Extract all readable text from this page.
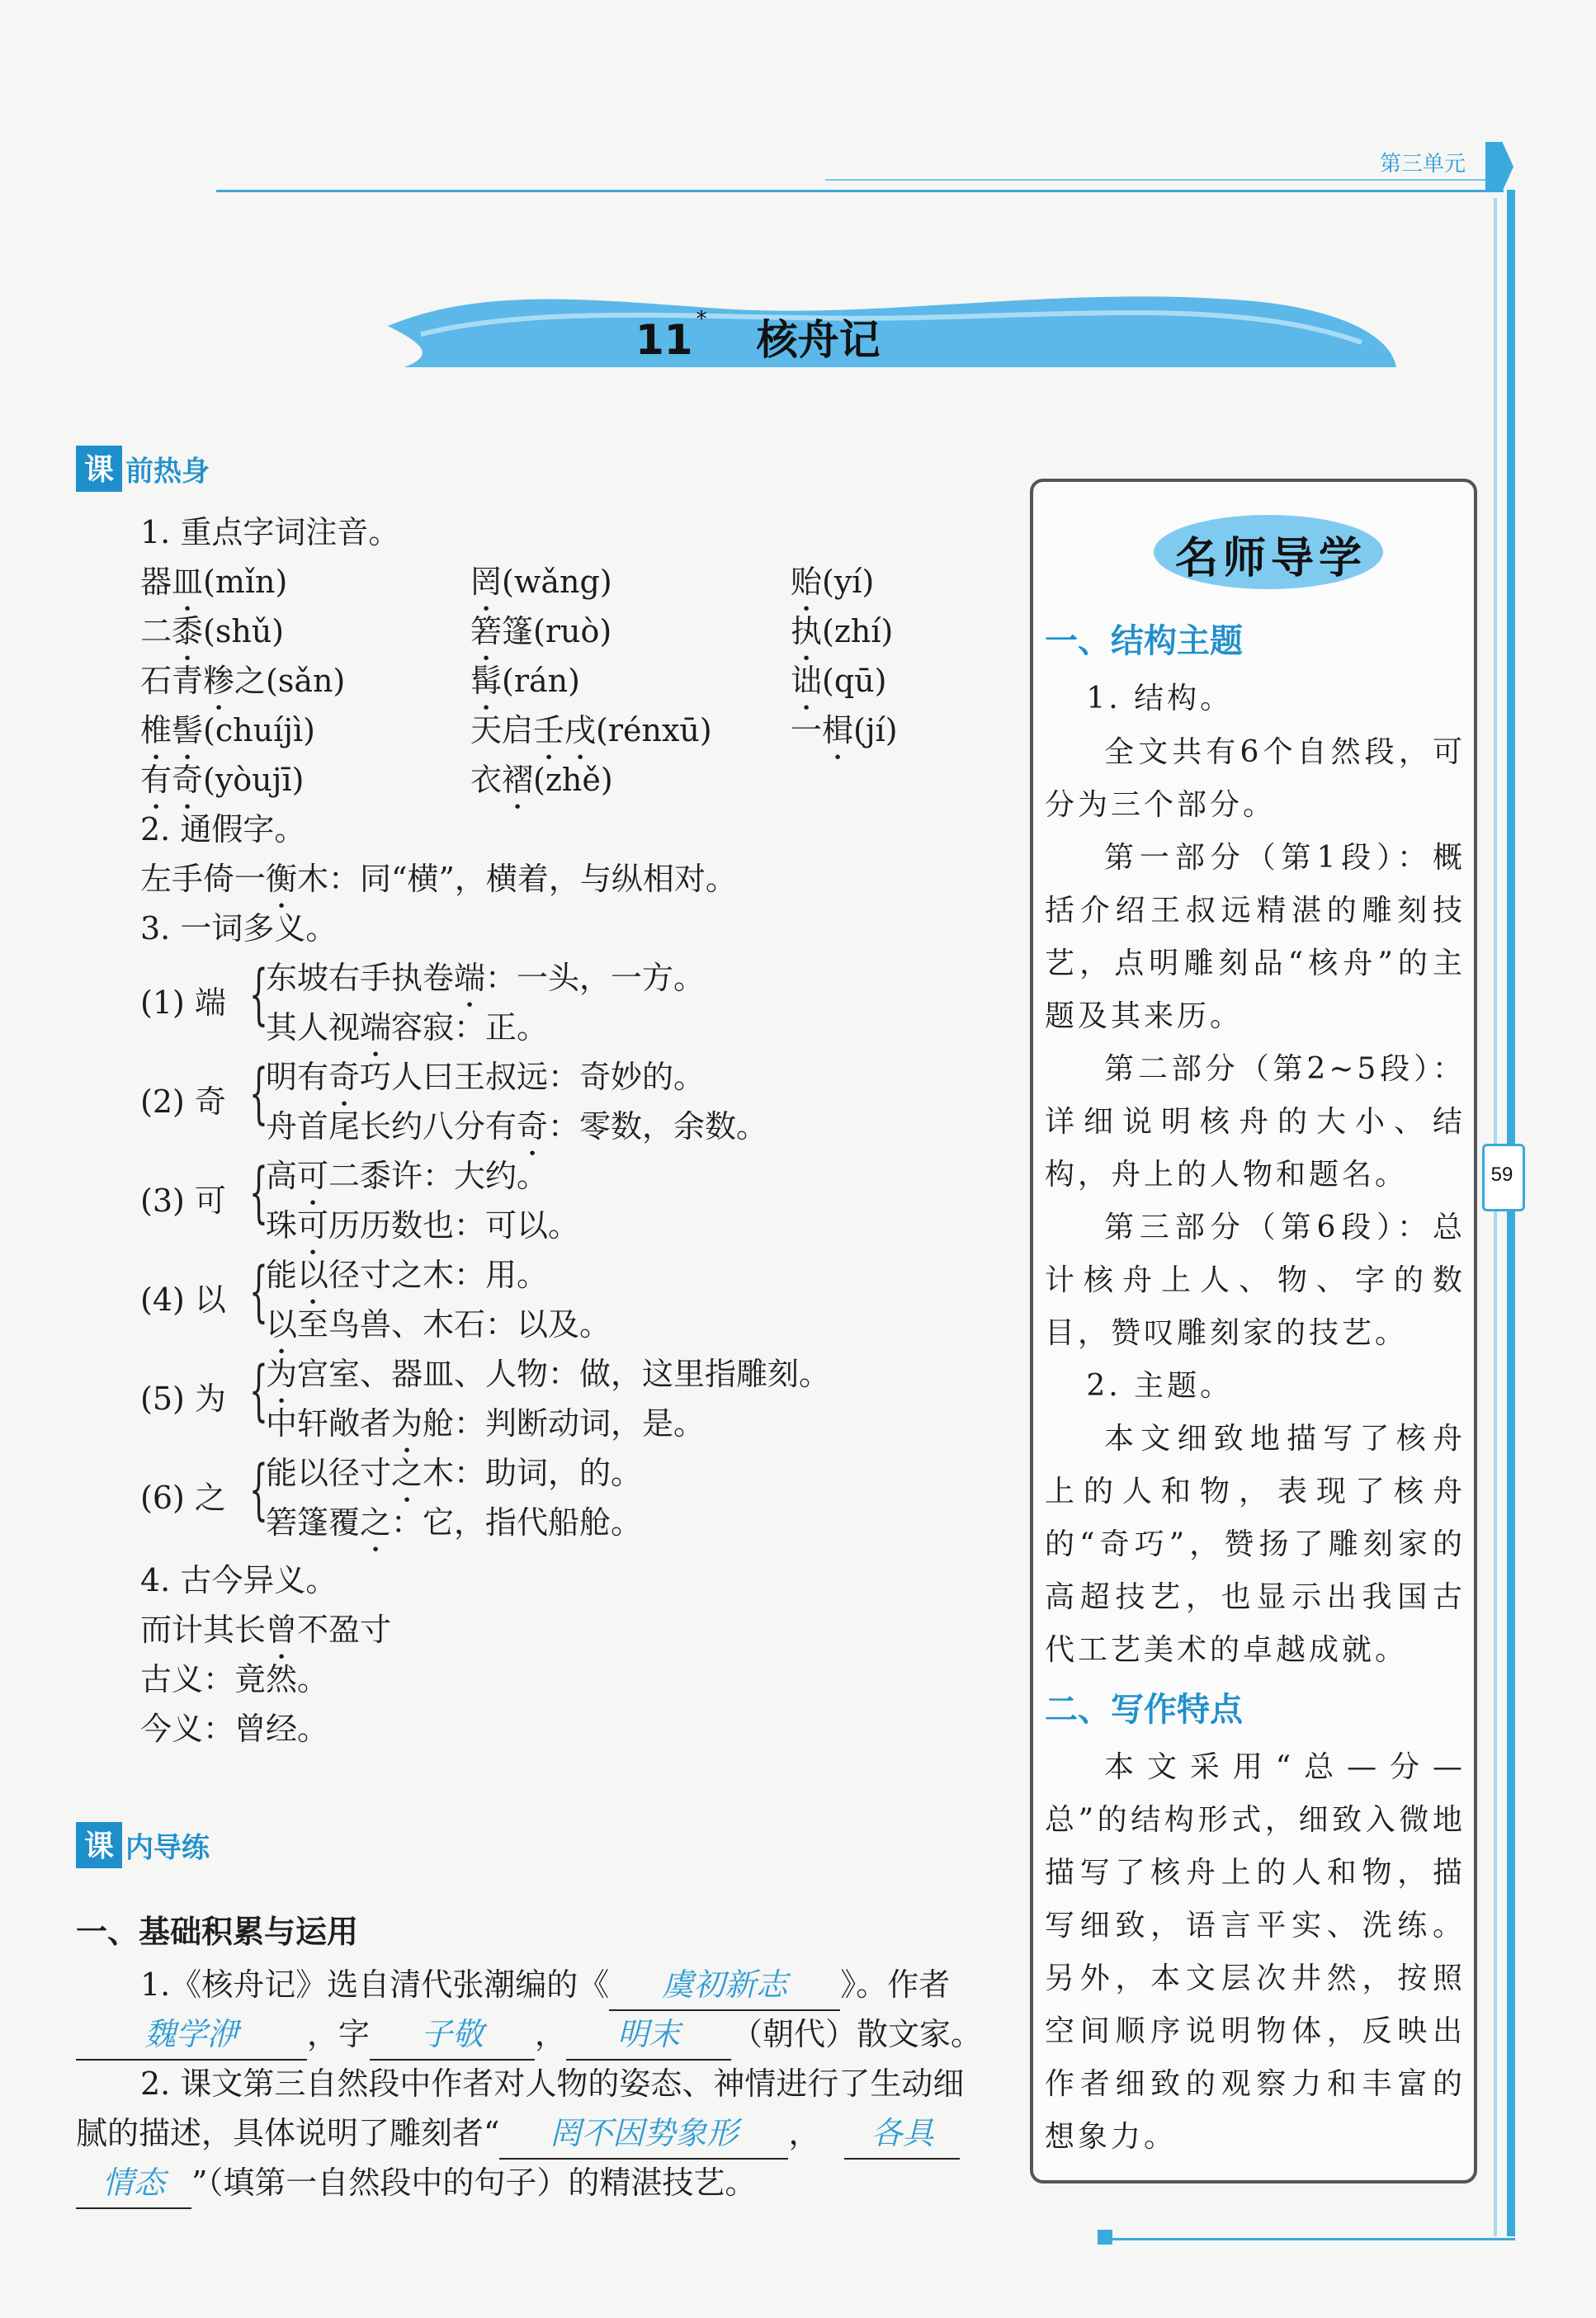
第三单元
59
11 * 核舟记
课 前热身
1. 重点字词注音。
器皿(mǐn)	罔(wǎng)	贻(yí)
二黍(shǔ)	箬篷(ruò)	执(zhí)
石青糁之(sǎn)	髯(rán)	诎(qū)
椎髻(chuíjì)	天启壬戌(rénxū)	一楫(jí)
有奇(yòujī)	衣褶(zhě)
2. 通假字。
左手倚一衡木：同“横”，横着，与纵相对。
3. 一词多义。
(1) 端 {
东坡右手执卷端：一头，一方。
其人视端容寂：正。
(2) 奇 {
明有奇巧人曰王叔远：奇妙的。
舟首尾长约八分有奇：零数，余数。
(3) 可 {
高可二黍许：大约。
珠可历历数也：可以。
(4) 以 {
能以径寸之木：用。
以至鸟兽、木石：以及。
(5) 为 {
为宫室、器皿、人物：做，这里指雕刻。
中轩敞者为舱：判断动词，是。
(6) 之 {
能以径寸之木：助词，的。
箬篷覆之：它，指代船舱。
4. 古今异义。
而计其长曾不盈寸
古义：竟然。
今义：曾经。
课 内导练
一、基础积累与运用
1.《核舟记》选自清代张潮编的《 虞初新志 》。作者
魏学洢 ，字 子敬 ， 明末 （朝代）散文家。
2. 课文第三自然段中作者对人物的姿态、神情进行了生动细
腻的描述，具体说明了雕刻者“ 罔不因势象形 ， 各具
情态 ”（填第一自然段中的句子）的精湛技艺。
名师导学
一、结构主题
1. 结构。
全文共有6个自然段，可分为三个部分。
第一部分（第1段）：概括介绍王叔远精湛的雕刻技艺，点明雕刻品“核舟”的主题及其来历。
第二部分（第2~5段）：详细说明核舟的大小、结构，舟上的人物和题名。
第三部分（第6段）：总计核舟上人、物、字的数目，赞叹雕刻家的技艺。
2. 主题。
本文细致地描写了核舟上的人和物，表现了核舟的“奇巧”，赞扬了雕刻家的高超技艺，也显示出我国古代工艺美术的卓越成就。
二、写作特点
本文采用“总—分—总”的结构形式，细致入微地描写了核舟上的人和物，描写细致，语言平实、洗练。另外，本文层次井然，按照空间顺序说明物体，反映出作者细致的观察力和丰富的想象力。
